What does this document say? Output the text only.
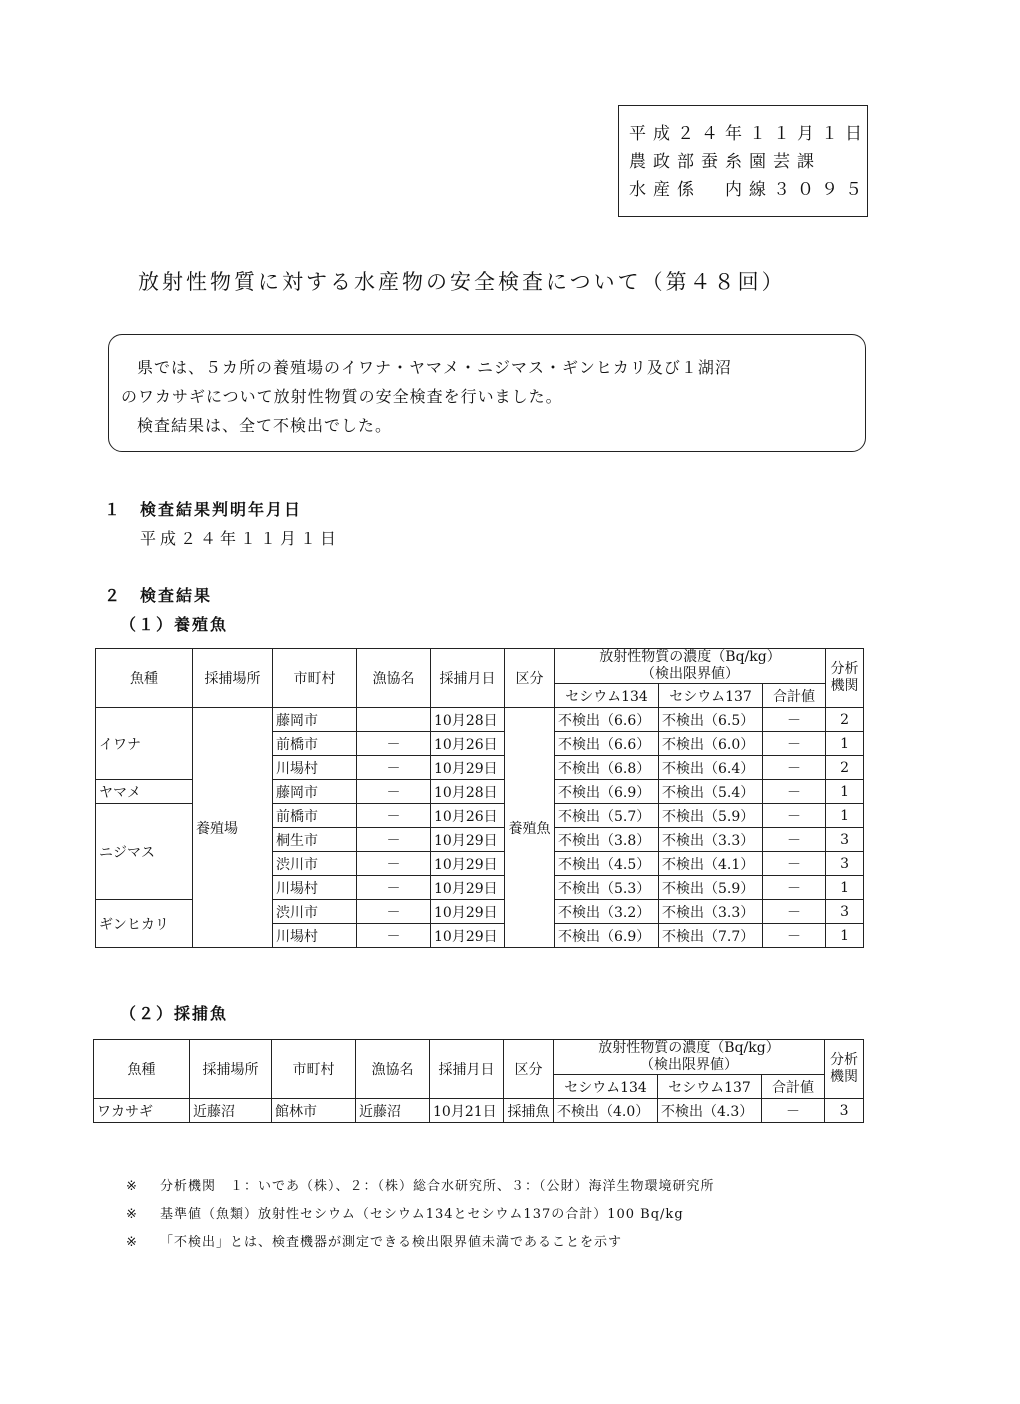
平成２４年１１月１日
農政部蚕糸園芸課
水産係　内線３０９５
放射性物質に対する水産物の安全検査について（第４８回）
県では、５カ所の養殖場のイワナ・ヤマメ・ニジマス・ギンヒカリ及び１湖沼
のワカサギについて放射性物質の安全検査を行いました。
検査結果は、全て不検出でした。
１　検査結果判明年月日
平成２４年１１月１日
２　検査結果
（１）養殖魚
魚種	採捕場所	市町村	漁協名	採捕月日	区分	放射性物質の濃度（Bq/kg）
（検出限界値）			分析機関
						セシウム134	セシウム137	合計値	
イワナ	養殖場	藤岡市		10月28日	養殖魚	不検出（6.6）	不検出（6.5）	－	2
		前橋市	－	10月26日		不検出（6.6）	不検出（6.0）	－	1
		川場村	－	10月29日		不検出（6.8）	不検出（6.4）	－	2
ヤマメ		藤岡市	－	10月28日		不検出（6.9）	不検出（5.4）	－	1
ニジマス		前橋市	－	10月26日		不検出（5.7）	不検出（5.9）	－	1
		桐生市	－	10月29日		不検出（3.8）	不検出（3.3）	－	3
		渋川市	－	10月29日		不検出（4.5）	不検出（4.1）	－	3
		川場村	－	10月29日		不検出（5.3）	不検出（5.9）	－	1
ギンヒカリ		渋川市	－	10月29日		不検出（3.2）	不検出（3.3）	－	3
		川場村	－	10月29日		不検出（6.9）	不検出（7.7）	－	1
（２）採捕魚
魚種	採捕場所	市町村	漁協名	採捕月日	区分	放射性物質の濃度（Bq/kg）
（検出限界値）			分析機関
						セシウム134	セシウム137	合計値	
ワカサギ	近藤沼	館林市	近藤沼	10月21日	採捕魚	不検出（4.0）	不検出（4.3）	－	3
※ 分析機関　１：いであ（株）、２：（株）総合水研究所、３：（公財）海洋生物環境研究所
※ 基準値（魚類）放射性セシウム（セシウム134とセシウム137の合計）100 Bq/kg
※ 「不検出」とは、検査機器が測定できる検出限界値未満であることを示す
